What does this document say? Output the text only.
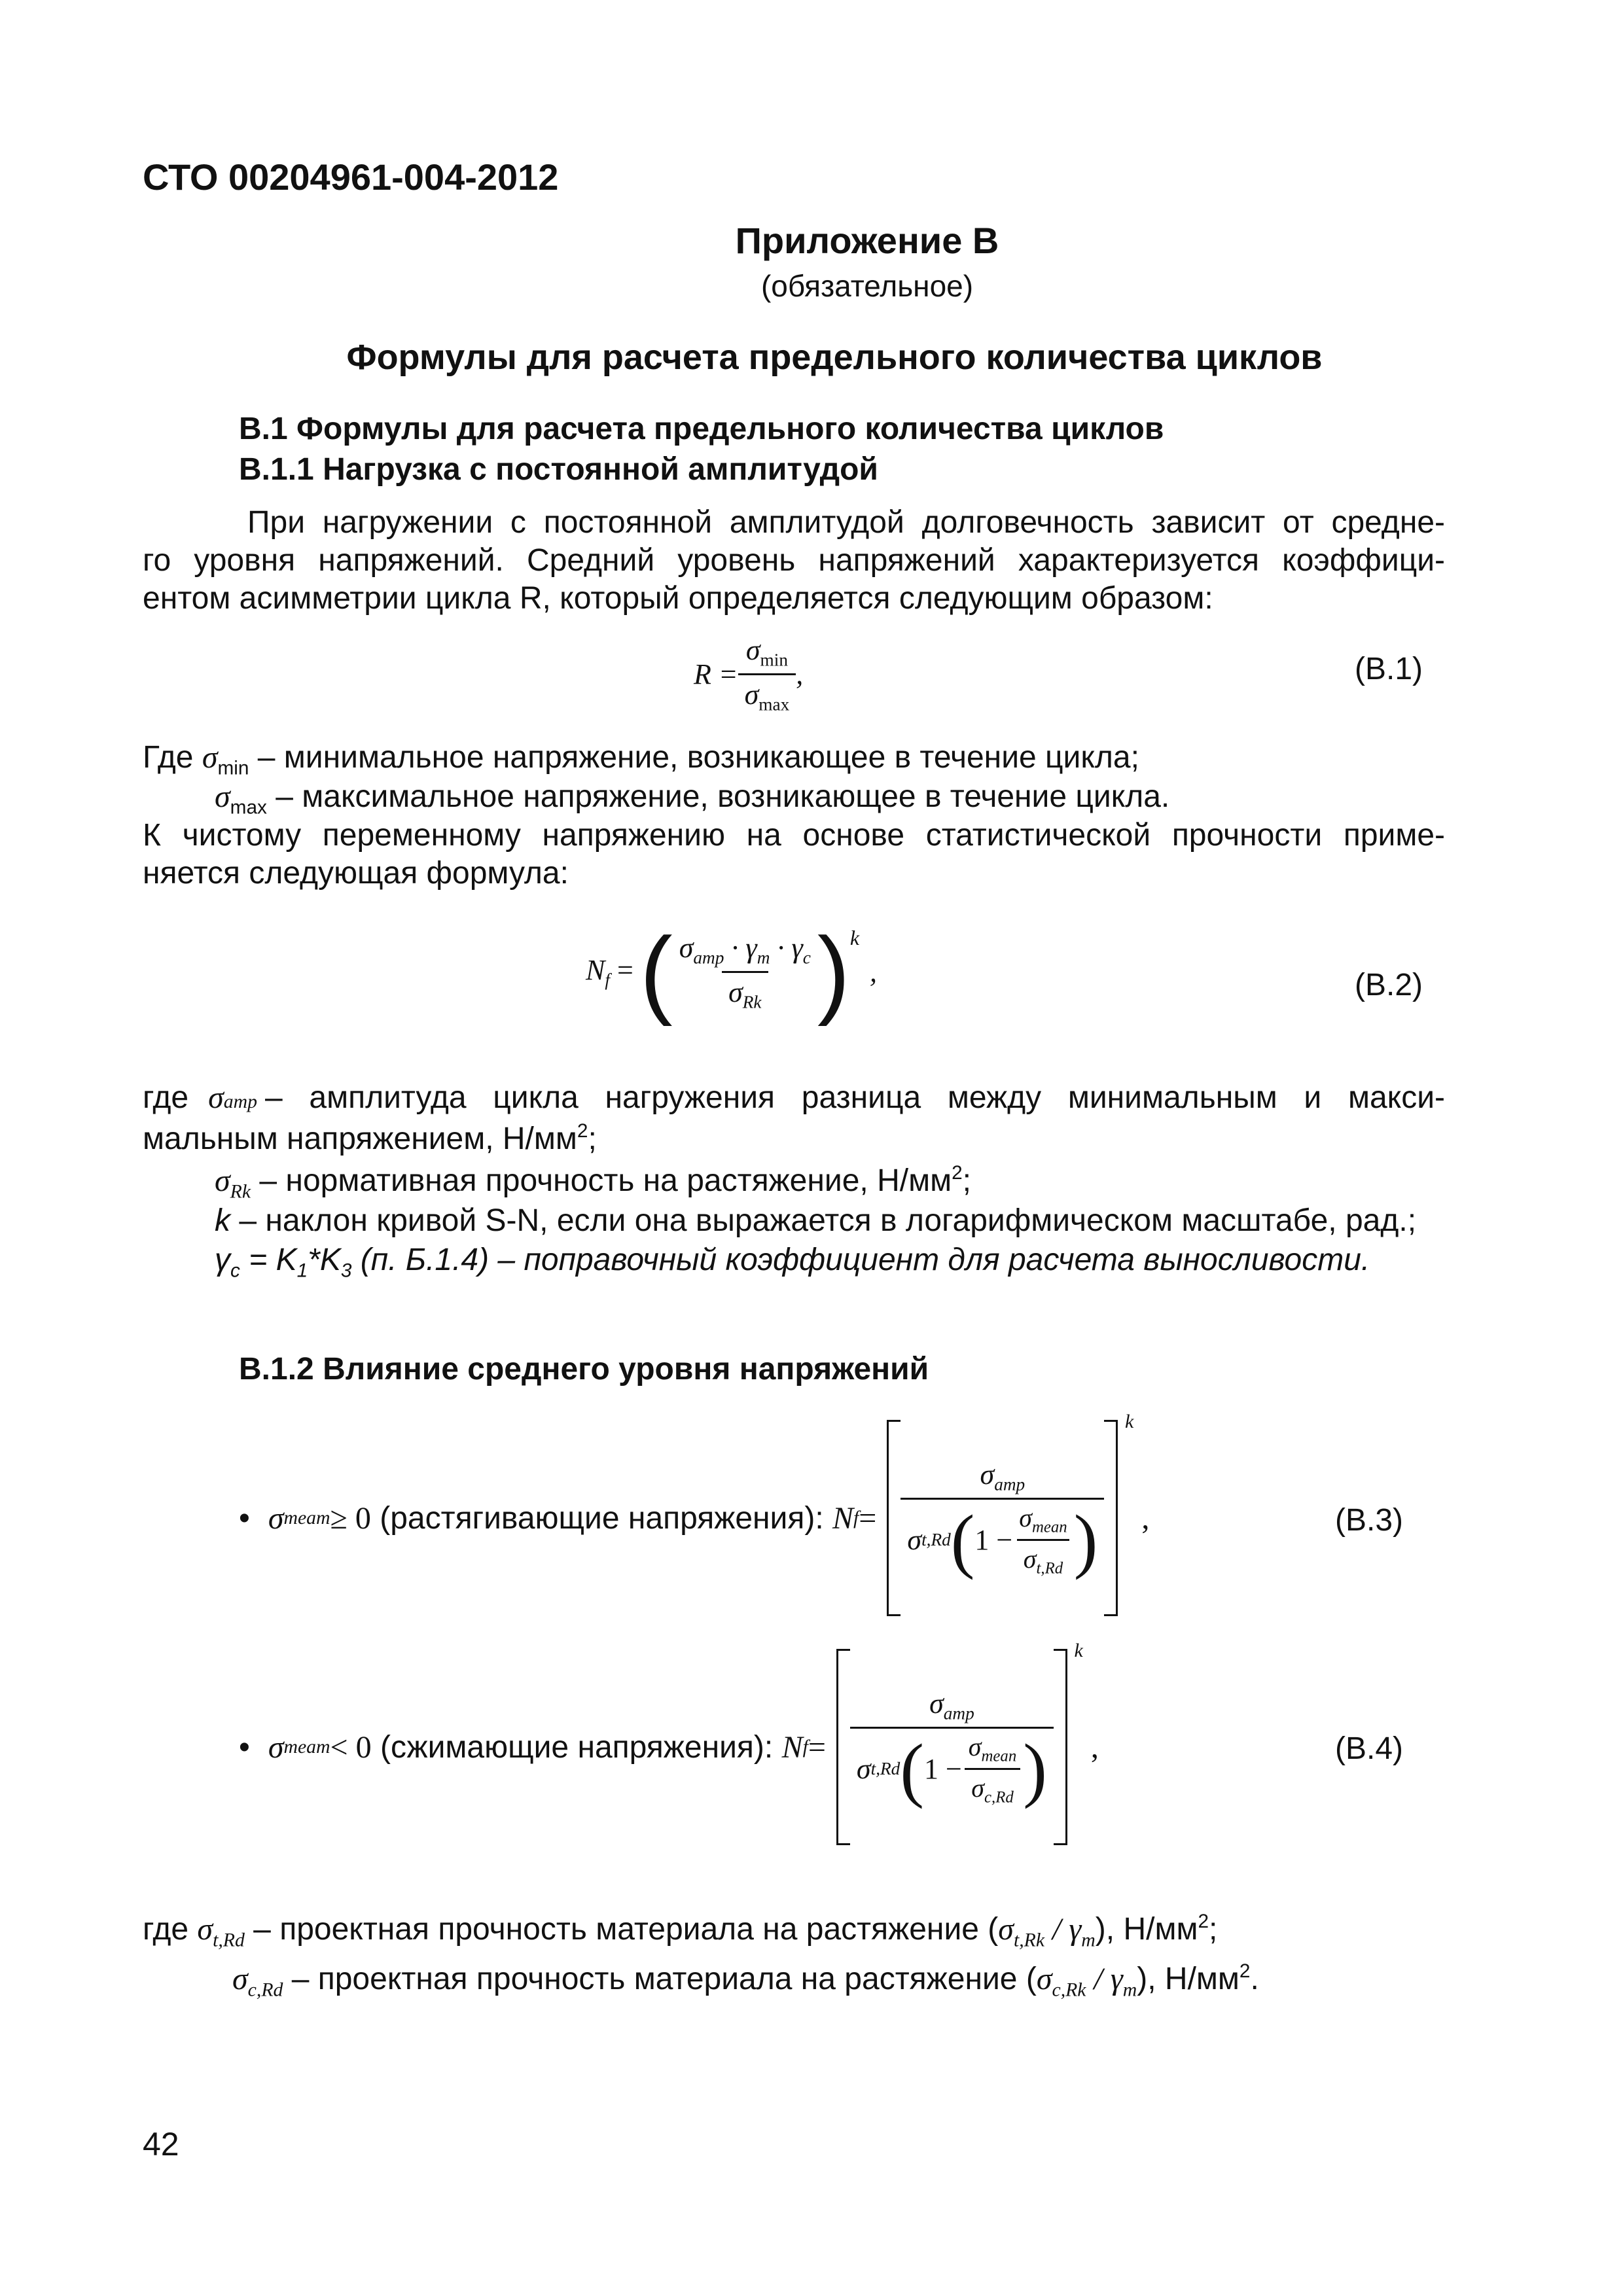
СТО 00204961-004-2012
Приложение В
(обязательное)
Формулы для расчета предельного количества циклов
В.1 Формулы для расчета предельного количества циклов
В.1.1 Нагрузка с постоянной амплитудой
При нагружении с постоянной амплитудой долговечность зависит от средне-
го уровня напряжений. Средний уровень напряжений характеризуется коэффици-
ентом асимметрии цикла R, который определяется следующим образом:
$R = \frac{\sigma_{min}}{\sigma_{max}}$ ,	(В.1)
Где $\sigma_{min}$ – минимальное напряжение, возникающее в течение цикла;
$\sigma_{max}$ – максимальное напряжение, возникающее в течение цикла.
К чистому переменному напряжению на основе статистической прочности приме-
няется следующая формула:
$N_f$ = ( $\frac{\sigma_{amp} \cdot \gamma_m \cdot \gamma_c}{\sigma_{Rk}}$ ) k
,	(В.2)
где σ amp – амплитуда цикла нагружения разница между минимальным и макси-
мальным напряжением, $Н/мм^2$;
$\sigma_{Rk}$ – нормативная прочность на растяжение, $Н/мм^2$;
k – наклон кривой S-N, если она выражается в логарифмическом масштабе, рад.;
$\gamma_c = K_1*K_3$ (п. Б.1.4) – поправочный коэффициент для расчета выносливости.
В.1.2 Влияние среднего уровня напряжений
• σ meam ≥ 0 (растягивающие напряжения): N f =
$\sigma_{amp}$
σ t,Rd ( $1 - \frac{\sigma_{mean}}{\sigma_{t,Rd}}$ )
k
,	(В.3)
• σ meam < 0 (сжимающие напряжения): N f =
$\sigma_{amp}$
σ t,Rd ( $1 - \frac{\sigma_{mean}}{\sigma_{c,Rd}}$ )
k
,	(В.4)
где $\sigma_{t,Rd}$ – проектная прочность материала на растяжение $(\sigma_{t,Rk} / \gamma_m)$, $Н/мм^2$;
$\sigma_{c,Rd}$ – проектная прочность материала на растяжение $(\sigma_{c,Rk} / \gamma_m)$, $Н/мм^2$.
42
